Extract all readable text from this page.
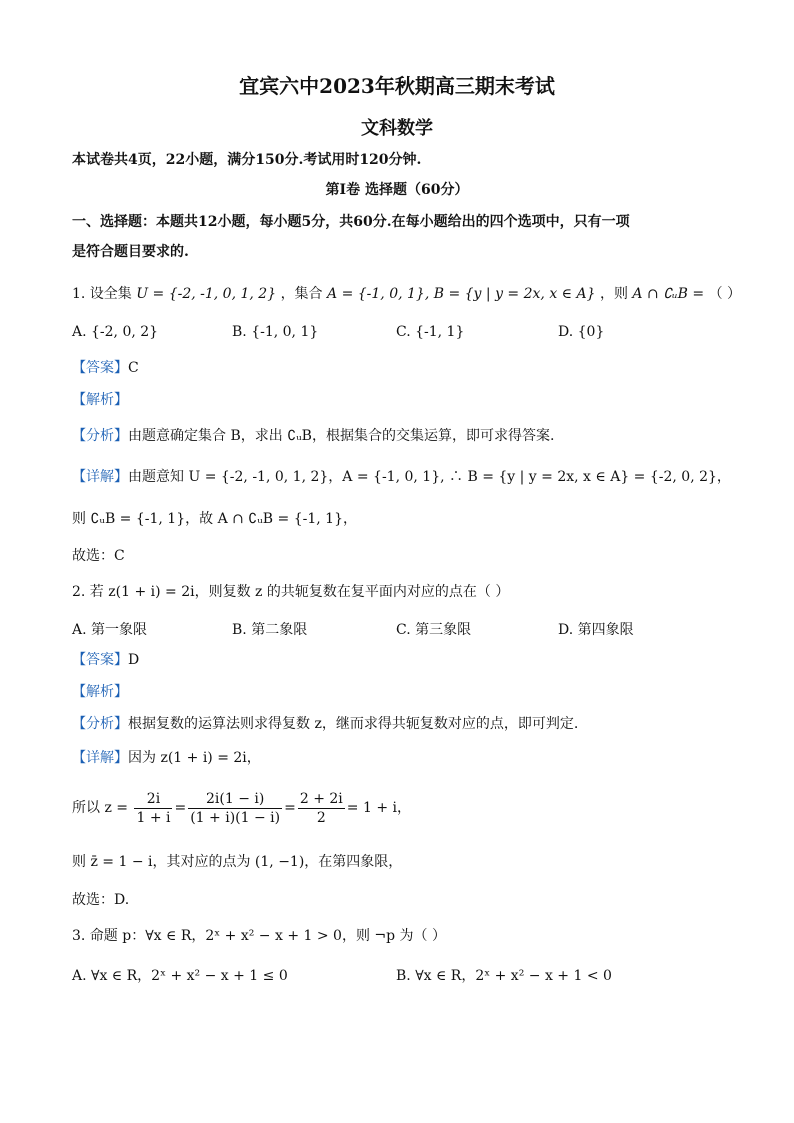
宜宾六中2023年秋期高三期末考试
文科数学
本试卷共4页，22小题，满分150分.考试用时120分钟.
第Ⅰ卷 选择题（60分）
一、选择题：本题共12小题，每小题5分，共60分.在每小题给出的四个选项中，只有一项
是符合题目要求的.
1. 设全集 U = {-2, -1, 0, 1, 2} ，集合 A = {-1, 0, 1}, B = {y | y = 2x, x ∈ A} ，则 A ∩ ∁ᵤB = （ ）
A. {-2, 0, 2}	B. {-1, 0, 1}	C. {-1, 1}	D. {0}
【答案】C
【解析】
【分析】由题意确定集合 B，求出 ∁ᵤB，根据集合的交集运算，即可求得答案.
【详解】由题意知 U = {-2, -1, 0, 1, 2}，A = {-1, 0, 1}, ∴ B = {y | y = 2x, x ∈ A} = {-2, 0, 2}，
则 ∁ᵤB = {-1, 1}，故 A ∩ ∁ᵤB = {-1, 1}，
故选：C
2. 若 z(1 + i) = 2i，则复数 z 的共轭复数在复平面内对应的点在（ ）
A. 第一象限	B. 第二象限	C. 第三象限	D. 第四象限
【答案】D
【解析】
【分析】根据复数的运算法则求得复数 z，继而求得共轭复数对应的点，即可判定.
【详解】因为 z(1 + i) = 2i，
所以 $z = \frac{2i}{1 + i} = \frac{2i(1 - i)}{(1 + i)(1 - i)} = \frac{2 + 2i}{2} = 1 + i$，
则 z̄ = 1 − i，其对应的点为 (1, −1)，在第四象限，
故选：D.
3. 命题 p：∀x ∈ R，2ˣ + x² − x + 1 > 0，则 ¬p 为（ ）
A. ∀x ∈ R，2ˣ + x² − x + 1 ≤ 0	B. ∀x ∈ R，2ˣ + x² − x + 1 < 0
